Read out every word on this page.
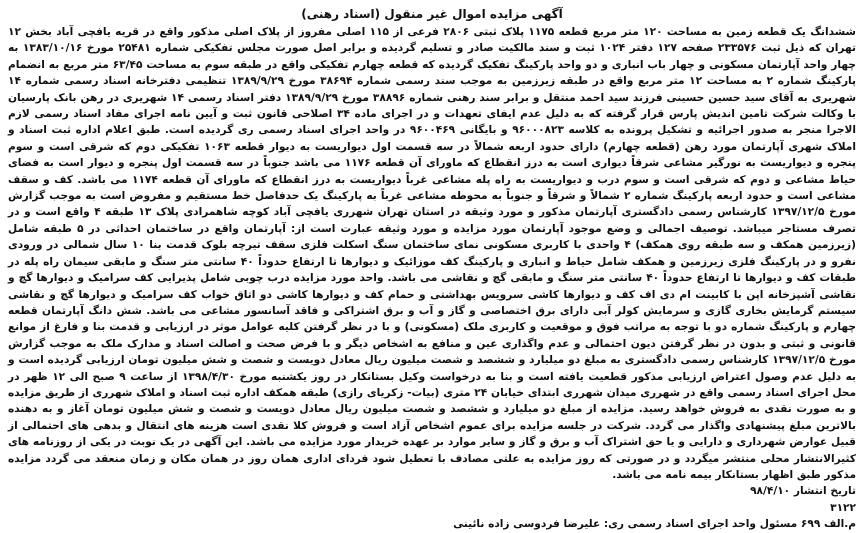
آگهی مزایده اموال غیر منقول (اسناد رهنی)

ششدانگ یک قطعه زمین به مساحت ۱۲۰ متر مربع قطعه ۱۱۷۵ پلاک ثبتی ۲۸۰۶ فرعی از ۱۱۵ اصلی مفروز از پلاک اصلی مذکور واقع در قریه یافچی آباد بخش ۱۲ تهران که ذیل ثبت ۲۳۳۵۷۶ صفحه ۱۲۷ دفتر ۱۰۲۴ ثبت و سند مالکیت صادر و تسلیم گردیده و برابر اصل صورت مجلس تفکیکی شماره ۲۵۴۸۱ مورخ ۱۳۸۳/۱۰/۱۶ به چهار واحد آپارتمان مسکونی و چهار باب انباری و دو واحد پارکینگ تفکیک گردیده که قطعه چهارم تفکیکی واقع در طبقه سوم به مساحت ۶۳/۴۵ متر مربع به انضمام پارکینگ شماره ۲ به مساحت ۱۲ متر مربع واقع در طبقه زیرزمین به موجب سند رسمی شماره ۳۸۶۹۴ مورخ ۱۳۸۹/۹/۲۹ تنظیمی دفترخانه اسناد رسمی شماره ۱۴ شهریری به آقای سید حسین حسینی فرزند سید احمد منتقل و برابر سند رهنی شماره ۳۸۸۹۶ مورخ ۱۳۸۹/۹/۲۹ دفتر اسناد رسمی ۱۴ شهریری در رهن بانک پارسیان با وکالت شرکت تامین اندیش پارس قرار گرفته که به دلیل عدم ایفای تعهدات و در اجرای ماده ۳۴ اصلاحی قانون ثبت و آیین نامه اجرای مفاد اسناد رسمی لازم الاجرا منجر به صدور اجرائیه و تشکیل پرونده به کلاسه ۹۶۰۰۰۸۲۳ و بایگانی ۹۶۰۰۴۶۹ در واحد اجرای اسناد رسمی ری گردیده است. طبق اعلام اداره ثبت اسناد و املاک شهری آپارتمان مورد رهن (قطعه چهارم) دارای حدود اربعه شمالاً در سه قسمت اول دیواریست به دیوار قطعه ۱۰۶۳ تفکیکی دوم که شرقی است و سوم پنجره و دیواریست به نورگیر مشاعی شرقاً دیواری است به درز انقطاع که ماورای آن قطعه ۱۱۷۶ می باشد جنوباً در سه قسمت اول پنجره و دیوار است به فضای حیاط مشاعی و دوم که شرقی است و سوم درب و دیواریست به راه پله مشاعی غرباً دیواریست به درز انقطاع که ماورای آن قطعه ۱۱۷۴ می باشد. کف و سقف مشاعی است و حدود اربعه پارکینگ شماره ۲ شمالاً و شرقاً و جنوباً به محوطه مشاعی غرباً به پارکینگ یک حدفاصل خط مستقیم و مفروض است به موجب گزارش مورخ ۱۳۹۷/۱۲/۵ کارشناس رسمی دادگستری آپارتمان مذکور و مورد وثیقه در استان تهران شهرری یافچی آباد کوچه شاهمرادی پلاک ۱۳ طبقه ۴ واقع است و در تصرف مستاجر میباشد. توصیف اجمالی و وضع موجود آپارتمان مورد مزایده و مورد وثیقه عبارت است از: آپارتمان واقع در ساختمان احداثی در ۵ طبقه شامل (زیرزمین همکف و سه طبقه روی همکف) ۴ واحدی با کاربری مسکونی نمای ساختمان سنگ اسکلت فلزی سقف تیرچه بلوک قدمت بنا ۱۰ سال شمالی در ورودی نفرو و در پارکینگ فلزی زیرزمین و همکف شامل حیاط و انباری و پارکینگ کف موزائیک و دیوارها تا ارتفاع حدوداً ۴۰ سانتی متر سنگ و مابقی سیمان راه پله در طبقات کف و دیوارها تا ارتفاع حدوداً ۴۰ سانتی متر سنگ و مابقی گچ و نقاشی می باشد. واحد مورد مزایده درب چوبی شامل پذیرایی کف سرامیک و دیوارها گچ و نقاشی آشپزخانه اپن با کابینت ام دی اف کف و دیوارها کاشی سرویس بهداشتی و حمام کف و دیوارها کاشی دو اتاق خواب کف سرامیک و دیوارها گچ و نقاشی سیستم گرمایش بخاری گازی و سرمایش کولر آبی دارای برق اختصاصی و گاز و آب و برق اشتراکی و فاقد آسانسور مشاعی می باشد. شش دانگ آپارتمان قطعه چهارم و پارکینگ شماره دو با توجه به مراتب فوق و موقعیت و کاربری ملک (مسکونی) و با در نظر گرفتن کلیه عوامل موثر در ارزیابی و قدمت بنا و فارغ از موانع قانونی و ثبتی و بدون در نظر گرفتن دیون احتمالی و عدم واگذاری عین و منافع به اشخاص دیگر و با فرض صحت و اصالت اسناد و مدارک ملک به موجب گزارش مورخ ۱۳۹۷/۱۲/۵ کارشناس رسمی دادگستری به مبلغ دو میلیارد و ششصد و شصت میلیون ریال معادل دویست و شصت و شش میلیون تومان ارزیابی گردیده است و به دلیل عدم وصول اعتراض ارزیابی مذکور قطعیت یافته است و بنا به درخواست وکیل بستانکار در روز یکشنبه مورخ ۱۳۹۸/۴/۳۰ از ساعت ۹ صبح الی ۱۲ ظهر در محل اجرای اسناد رسمی واقع در شهرری میدان شهرری ابتدای خیابان ۲۴ متری (بیات- زکریای رازی) طبقه همکف اداره ثبت اسناد و املاک شهرری از طریق مزایده و به صورت نقدی به فروش خواهد رسید. مزایده از مبلغ دو میلیارد و ششصد و شصت میلیون ریال معادل دویست و شصت و شش میلیون تومان آغاز و به دهنده بالاترین مبلغ پیشنهادی واگذار می گردد. شرکت در جلسه مزایده برای عموم اشخاص آزاد است و فروش کلا نقدی است هزینه های انتقال و بدهی های احتمالی از قبیل عوارض شهرداری و دارایی و یا حق اشتراک آب و برق و گاز و سایر موارد بر عهده خریدار مورد مزایده می باشد. این آگهی در یک نوبت در یکی از روزنامه های کثیرالانتشار محلی منتشر میگردد و در صورتی که روز مزایده به علتی مصادف با تعطیل شود فردای اداری همان روز در همان مکان و زمان منعقد می گردد مزایده مذکور طبق اظهار بستانکار بیمه نامه می باشد.

تاریخ انتشار ۹۸/۴/۱۰
۳۱۲۲
م.الف ۶۹۹ مسئول واحد اجرای اسناد رسمی ری: علیرضا فردوسی زاده نائینی
